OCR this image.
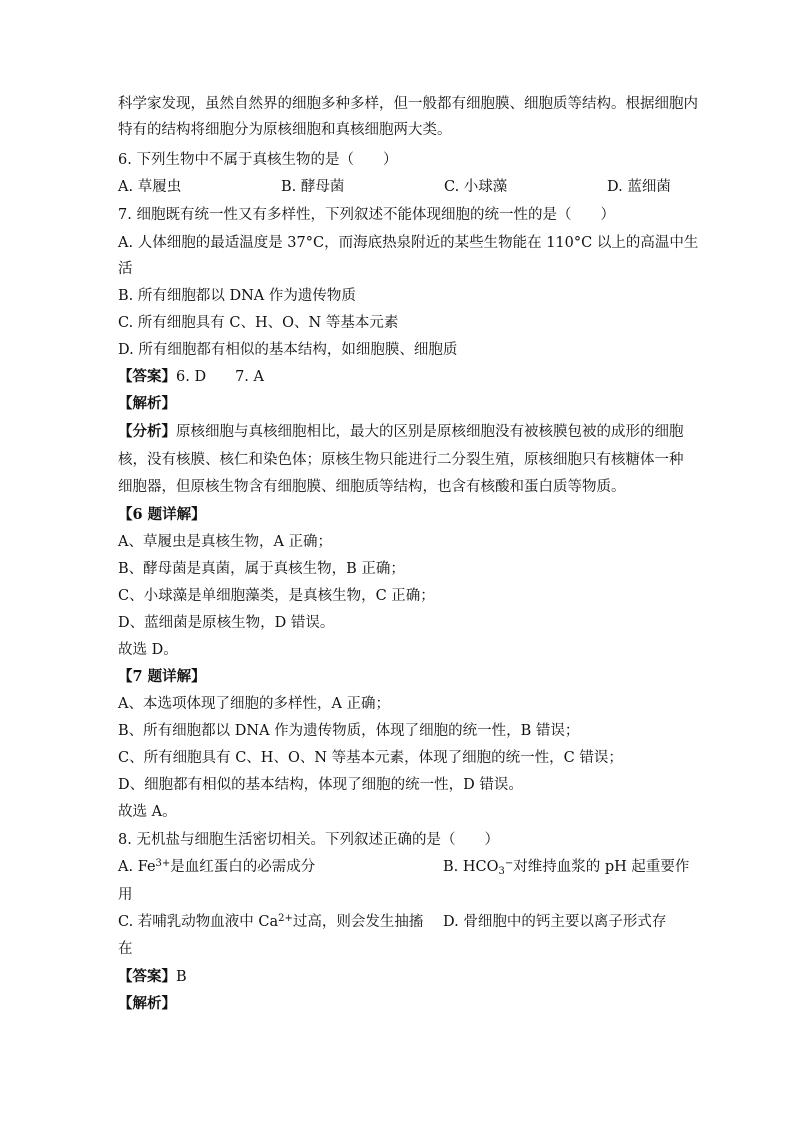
科学家发现，虽然自然界的细胞多种多样，但一般都有细胞膜、细胞质等结构。根据细胞内
特有的结构将细胞分为原核细胞和真核细胞两大类。
6. 下列生物中不属于真核生物的是（　　）
A. 草履虫	B. 酵母菌	C. 小球藻	D. 蓝细菌
7. 细胞既有统一性又有多样性，下列叙述不能体现细胞的统一性的是（　　）
A. 人体细胞的最适温度是 37°C，而海底热泉附近的某些生物能在 110°C 以上的高温中生
活
B. 所有细胞都以 DNA 作为遗传物质
C. 所有细胞具有 C、H、O、N 等基本元素
D. 所有细胞都有相似的基本结构，如细胞膜、细胞质
【答案】6. D　　7. A
【解析】
【分析】原核细胞与真核细胞相比，最大的区别是原核细胞没有被核膜包被的成形的细胞
核，没有核膜、核仁和染色体；原核生物只能进行二分裂生殖，原核细胞只有核糖体一种
细胞器，但原核生物含有细胞膜、细胞质等结构，也含有核酸和蛋白质等物质。
【6 题详解】
A、草履虫是真核生物，A 正确；
B、酵母菌是真菌，属于真核生物，B 正确；
C、小球藻是单细胞藻类，是真核生物，C 正确；
D、蓝细菌是原核生物，D 错误。
故选 D。
【7 题详解】
A、本选项体现了细胞的多样性，A 正确；
B、所有细胞都以 DNA 作为遗传物质，体现了细胞的统一性，B 错误；
C、所有细胞具有 C、H、O、N 等基本元素，体现了细胞的统一性，C 错误；
D、细胞都有相似的基本结构，体现了细胞的统一性，D 错误。
故选 A。
8. 无机盐与细胞生活密切相关。下列叙述正确的是（　　）
A. $Fe^{3+}$是血红蛋白的必需成分	B. $HCO_3^-$对维持血浆的 pH 起重要作
用
C. 若哺乳动物血液中 $Ca^{2+}$过高，则会发生抽搐 D. 骨细胞中的钙主要以离子形式存
在
【答案】B
【解析】
